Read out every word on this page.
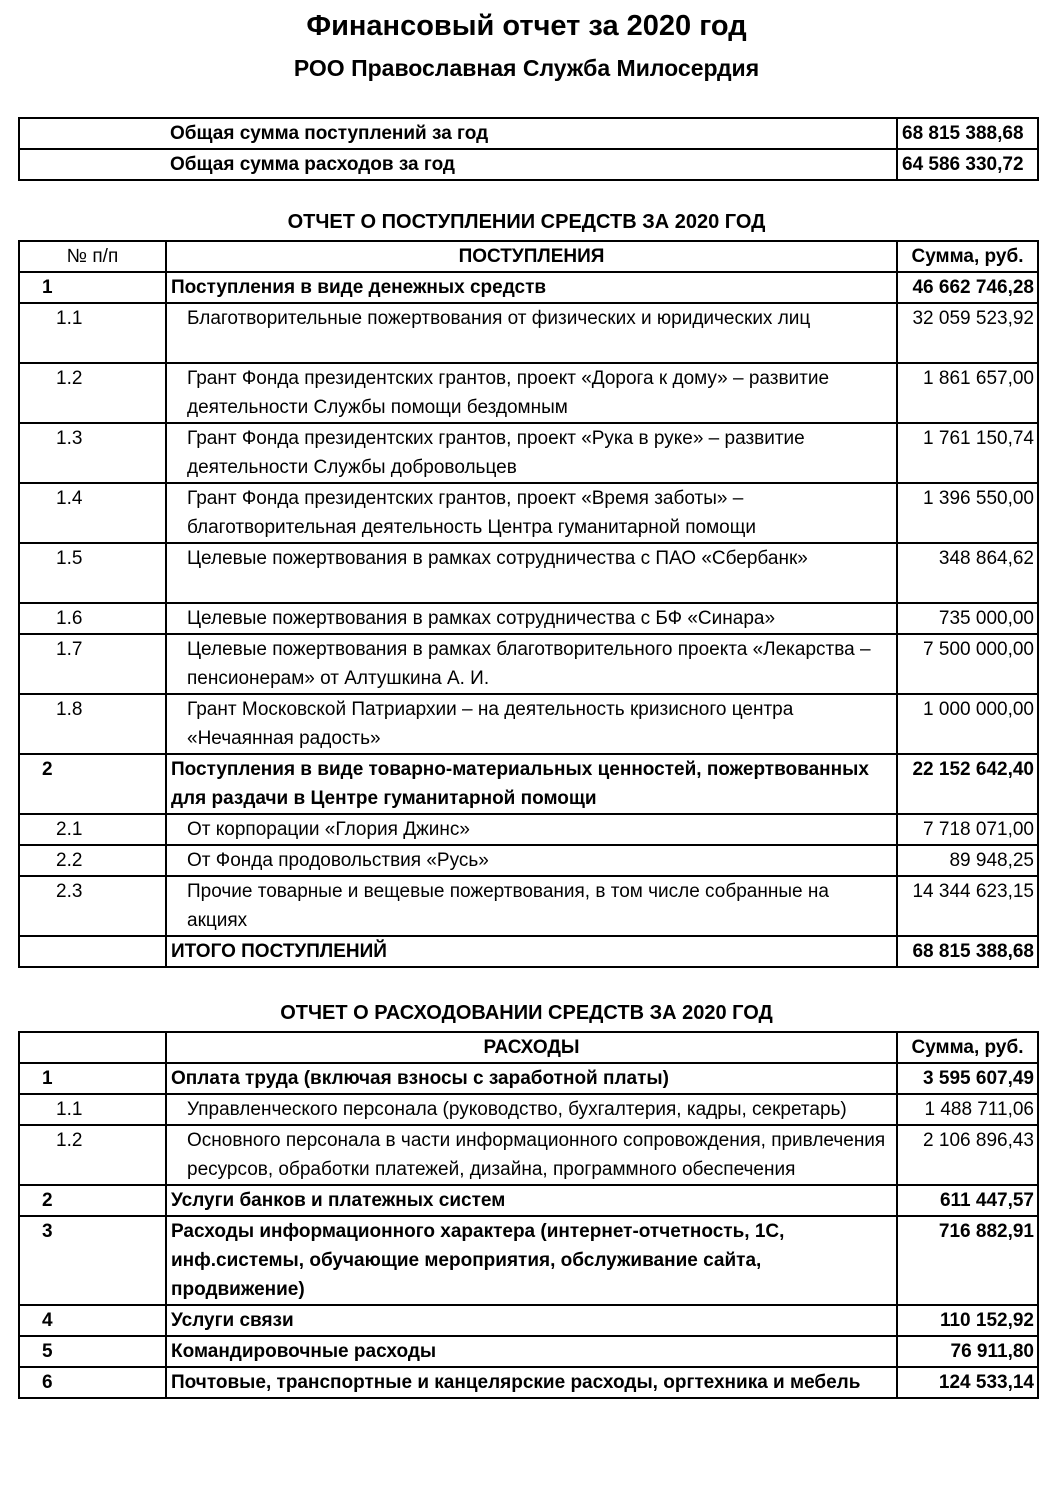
Финансовый отчет за 2020 год
РОО Православная Служба Милосердия
Общая сумма поступлений за год	68 815 388,68
Общая сумма расходов за год	64 586 330,72
ОТЧЕТ О ПОСТУПЛЕНИИ СРЕДСТВ ЗА 2020 ГОД
№ п/п	ПОСТУПЛЕНИЯ	Сумма, руб.
1	Поступления в виде денежных средств	46 662 746,28
1.1	Благотворительные пожертвования от физических и юридических лиц	32 059 523,92
1.2	Грант Фонда президентских грантов, проект «Дорога к дому» – развитие деятельности Службы помощи бездомным	1 861 657,00
1.3	Грант Фонда президентских грантов, проект «Рука в руке» – развитие деятельности Службы добровольцев	1 761 150,74
1.4	Грант Фонда президентских грантов, проект «Время заботы» – благотворительная деятельность Центра гуманитарной помощи	1 396 550,00
1.5	Целевые пожертвования в рамках сотрудничества с ПАО «Сбербанк»	348 864,62
1.6	Целевые пожертвования в рамках сотрудничества с БФ «Синара»	735 000,00
1.7	Целевые пожертвования в рамках благотворительного проекта «Лекарства – пенсионерам» от Алтушкина А. И.	7 500 000,00
1.8	Грант Московской Патриархии – на деятельность кризисного центра «Нечаянная радость»	1 000 000,00
2	Поступления в виде товарно-материальных ценностей, пожертвованных для раздачи в Центре гуманитарной помощи	22 152 642,40
2.1	От корпорации «Глория Джинс»	7 718 071,00
2.2	От Фонда продовольствия «Русь»	89 948,25
2.3	Прочие товарные и вещевые пожертвования, в том числе собранные на акциях	14 344 623,15
	ИТОГО ПОСТУПЛЕНИЙ	68 815 388,68
ОТЧЕТ О РАСХОДОВАНИИ СРЕДСТВ ЗА 2020 ГОД
	РАСХОДЫ	Сумма, руб.
1	Оплата труда (включая взносы с заработной платы)	3 595 607,49
1.1	Управленческого персонала (руководство, бухгалтерия, кадры, секретарь)	1 488 711,06
1.2	Основного персонала в части информационного сопровождения, привлечения ресурсов, обработки платежей, дизайна, программного обеспечения	2 106 896,43
2	Услуги банков и платежных систем	611 447,57
3	Расходы информационного характера (интернет-отчетность, 1С, инф.системы, обучающие мероприятия, обслуживание сайта, продвижение)	716 882,91
4	Услуги связи	110 152,92
5	Командировочные расходы	76 911,80
6	Почтовые, транспортные и канцелярские расходы, оргтехника и мебель	124 533,14
